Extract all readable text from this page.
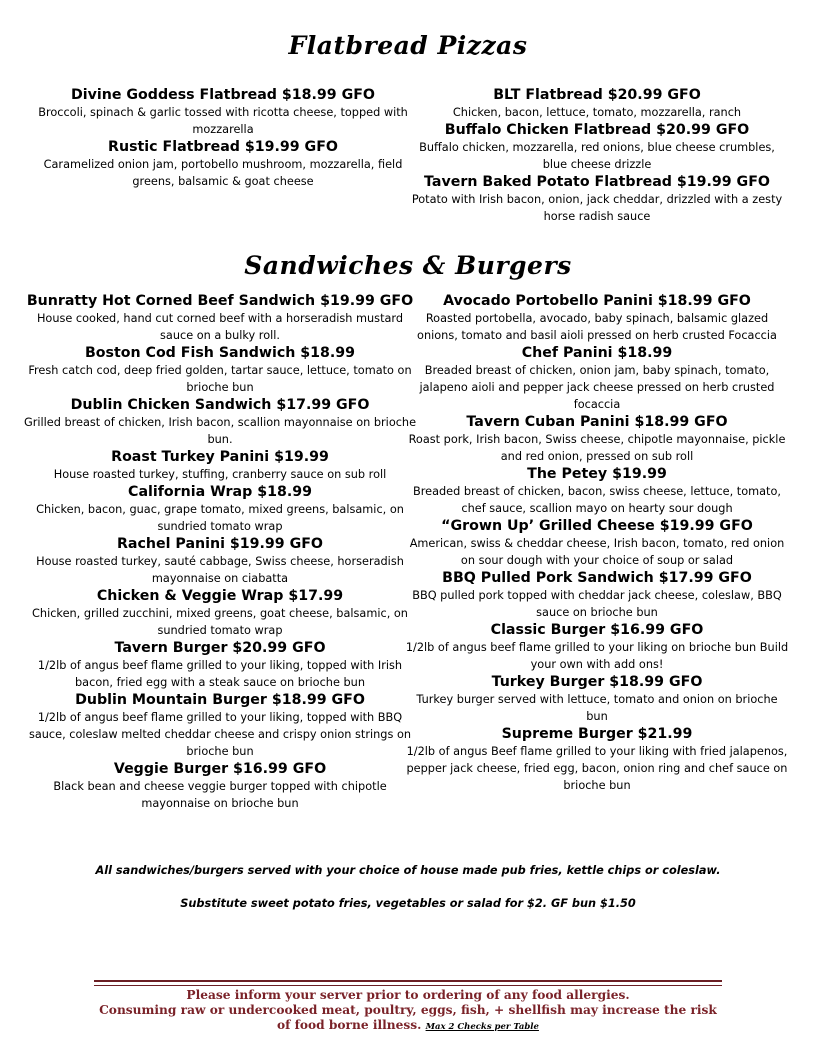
Flatbread Pizzas
Divine Goddess Flatbread $18.99 GFO
Broccoli, spinach & garlic tossed with ricotta cheese, topped with mozzarella
Rustic Flatbread $19.99 GFO
Caramelized onion jam, portobello mushroom, mozzarella, field greens, balsamic & goat cheese
BLT Flatbread $20.99 GFO
Chicken, bacon, lettuce, tomato, mozzarella, ranch
Buffalo Chicken Flatbread $20.99 GFO
Buffalo chicken, mozzarella, red onions, blue cheese crumbles, blue cheese drizzle
Tavern Baked Potato Flatbread $19.99 GFO
Potato with Irish bacon, onion, jack cheddar, drizzled with a zesty horse radish sauce
Sandwiches & Burgers
Bunratty Hot Corned Beef Sandwich $19.99 GFO
House cooked, hand cut corned beef with a horseradish mustard sauce on a bulky roll.
Boston Cod Fish Sandwich $18.99
Fresh catch cod, deep fried golden, tartar sauce, lettuce, tomato on brioche bun
Dublin Chicken Sandwich $17.99 GFO
Grilled breast of chicken, Irish bacon, scallion mayonnaise on brioche bun.
Roast Turkey Panini $19.99
House roasted turkey, stuffing, cranberry sauce on sub roll
California Wrap $18.99
Chicken, bacon, guac, grape tomato, mixed greens, balsamic, on sundried tomato wrap
Rachel Panini $19.99 GFO
House roasted turkey, sauté cabbage, Swiss cheese, horseradish mayonnaise on ciabatta
Chicken & Veggie Wrap $17.99
Chicken, grilled zucchini, mixed greens, goat cheese, balsamic, on sundried tomato wrap
Tavern Burger $20.99 GFO
1/2lb of angus beef flame grilled to your liking, topped with Irish bacon, fried egg with a steak sauce on brioche bun
Dublin Mountain Burger $18.99 GFO
1/2lb of angus beef flame grilled to your liking, topped with BBQ sauce, coleslaw melted cheddar cheese and crispy onion strings on brioche bun
Veggie Burger $16.99 GFO
Black bean and cheese veggie burger topped with chipotle mayonnaise on brioche bun
Avocado Portobello Panini $18.99 GFO
Roasted portobella, avocado, baby spinach, balsamic glazed onions, tomato and basil aioli pressed on herb crusted Focaccia
Chef Panini $18.99
Breaded breast of chicken, onion jam, baby spinach, tomato, jalapeno aioli and pepper jack cheese pressed on herb crusted focaccia
Tavern Cuban Panini $18.99 GFO
Roast pork, Irish bacon, Swiss cheese, chipotle mayonnaise, pickle and red onion, pressed on sub roll
The Petey $19.99
Breaded breast of chicken, bacon, swiss cheese, lettuce, tomato, chef sauce, scallion mayo on hearty sour dough
“Grown Up’ Grilled Cheese $19.99 GFO
American, swiss & cheddar cheese, Irish bacon, tomato, red onion on sour dough with your choice of soup or salad
BBQ Pulled Pork Sandwich $17.99 GFO
BBQ pulled pork topped with cheddar jack cheese, coleslaw, BBQ sauce on brioche bun
Classic Burger $16.99 GFO
1/2lb of angus beef flame grilled to your liking on brioche bun Build your own with add ons!
Turkey Burger $18.99 GFO
Turkey burger served with lettuce, tomato and onion on brioche bun
Supreme Burger $21.99
1/2lb of angus Beef flame grilled to your liking with fried jalapenos, pepper jack cheese, fried egg, bacon, onion ring and chef sauce on brioche bun
All sandwiches/burgers served with your choice of house made pub fries, kettle chips or coleslaw.
Substitute sweet potato fries, vegetables or salad for $2. GF bun $1.50
Please inform your server prior to ordering of any food allergies.
Consuming raw or undercooked meat, poultry, eggs, fish, + shellfish may increase the risk of food borne illness. Max 2 Checks per Table
